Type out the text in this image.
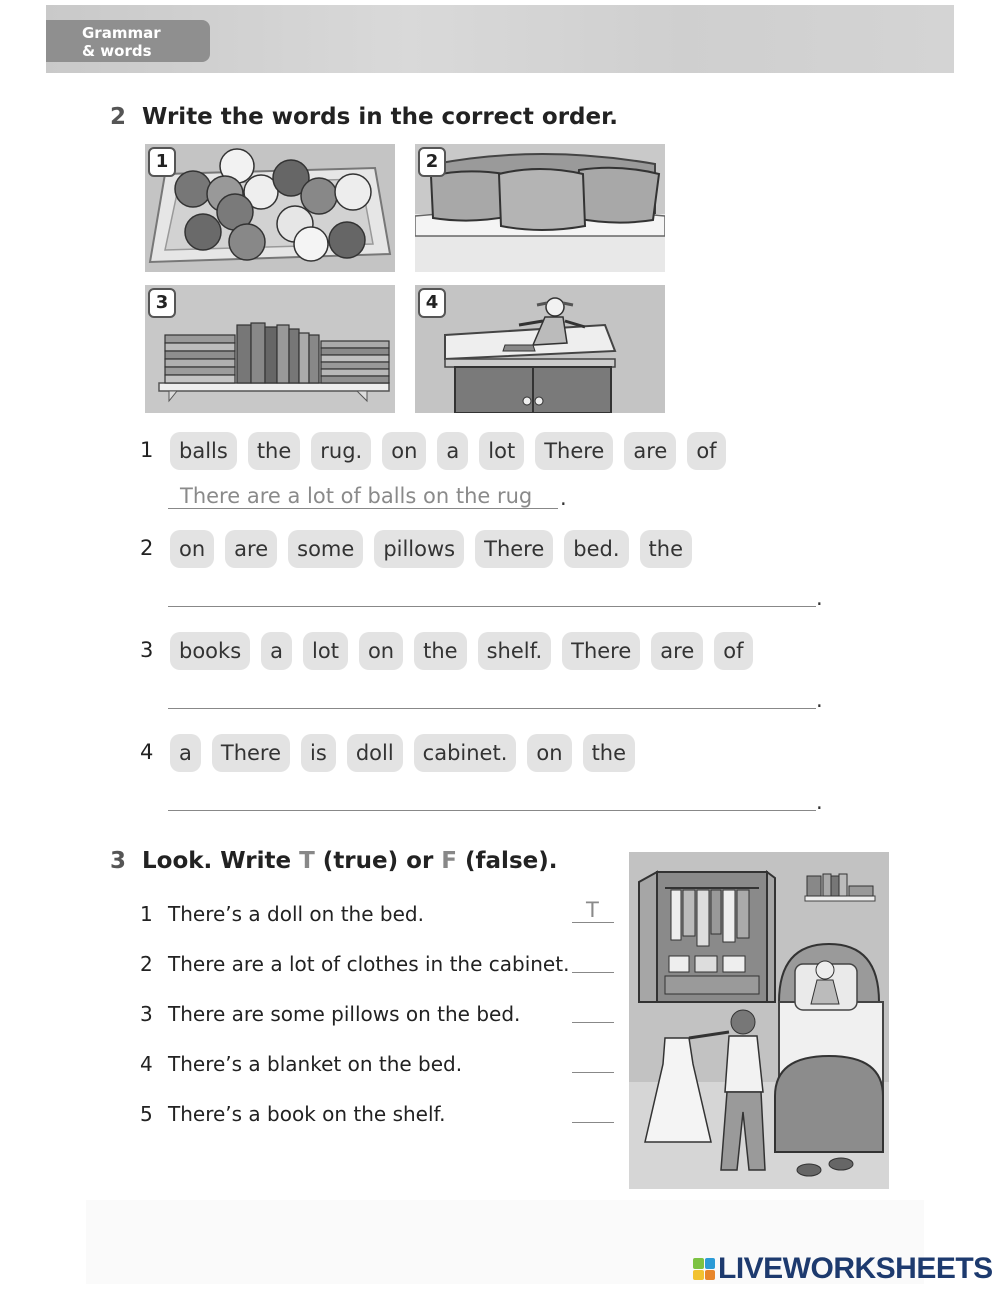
Grammar
& words
2 Write the words in the correct order.
1	2
3	4
1	balls	the	rug.	on	a	lot	There	are	of
There are a lot of balls on the rug .
2	on	are	some	pillows	There	bed.	the
.
3	books	a	lot	on	the	shelf.	There	are	of
.
4	a	There	is	doll	cabinet.	on	the
.
3 Look. Write T (true) or F (false).
1 There’s a doll on the bed.	T
2 There are a lot of clothes in the cabinet.
3 There are some pillows on the bed.
4 There’s a blanket on the bed.
5 There’s a book on the shelf.
LIVEWORKSHEETS
